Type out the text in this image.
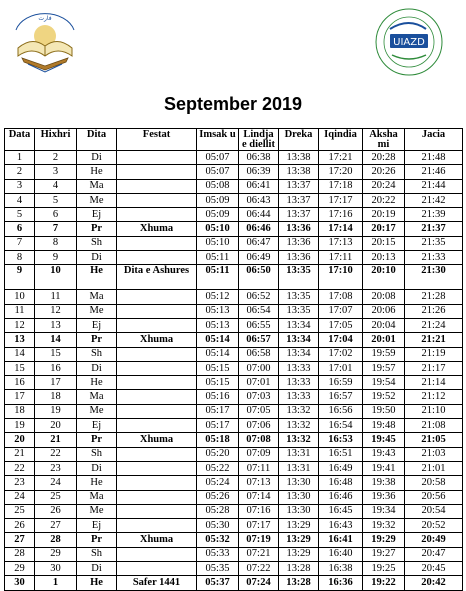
ﻓﺎﺭﺕ
UIAZD
September 2019
Data	Hixhri	Dita	Festat	Imsak u	Lindja e diellit	Dreka	Iqindia	Aksha mi	Jacia
1	2	Di		05:07	06:38	13:38	17:21	20:28	21:48
2	3	He		05:07	06:39	13:38	17:20	20:26	21:46
3	4	Ma		05:08	06:41	13:37	17:18	20:24	21:44
4	5	Me		05:09	06:43	13:37	17:17	20:22	21:42
5	6	Ej		05:09	06:44	13:37	17:16	20:19	21:39
6	7	Pr	Xhuma	05:10	06:46	13:36	17:14	20:17	21:37
7	8	Sh		05:10	06:47	13:36	17:13	20:15	21:35
8	9	Di		05:11	06:49	13:36	17:11	20:13	21:33
9	10	He	Dita e Ashures	05:11	06:50	13:35	17:10	20:10	21:30
10	11	Ma		05:12	06:52	13:35	17:08	20:08	21:28
11	12	Me		05:13	06:54	13:35	17:07	20:06	21:26
12	13	Ej		05:13	06:55	13:34	17:05	20:04	21:24
13	14	Pr	Xhuma	05:14	06:57	13:34	17:04	20:01	21:21
14	15	Sh		05:14	06:58	13:34	17:02	19:59	21:19
15	16	Di		05:15	07:00	13:33	17:01	19:57	21:17
16	17	He		05:15	07:01	13:33	16:59	19:54	21:14
17	18	Ma		05:16	07:03	13:33	16:57	19:52	21:12
18	19	Me		05:17	07:05	13:32	16:56	19:50	21:10
19	20	Ej		05:17	07:06	13:32	16:54	19:48	21:08
20	21	Pr	Xhuma	05:18	07:08	13:32	16:53	19:45	21:05
21	22	Sh		05:20	07:09	13:31	16:51	19:43	21:03
22	23	Di		05:22	07:11	13:31	16:49	19:41	21:01
23	24	He		05:24	07:13	13:30	16:48	19:38	20:58
24	25	Ma		05:26	07:14	13:30	16:46	19:36	20:56
25	26	Me		05:28	07:16	13:30	16:45	19:34	20:54
26	27	Ej		05:30	07:17	13:29	16:43	19:32	20:52
27	28	Pr	Xhuma	05:32	07:19	13:29	16:41	19:29	20:49
28	29	Sh		05:33	07:21	13:29	16:40	19:27	20:47
29	30	Di		05:35	07:22	13:28	16:38	19:25	20:45
30	1	He	Safer 1441	05:37	07:24	13:28	16:36	19:22	20:42
